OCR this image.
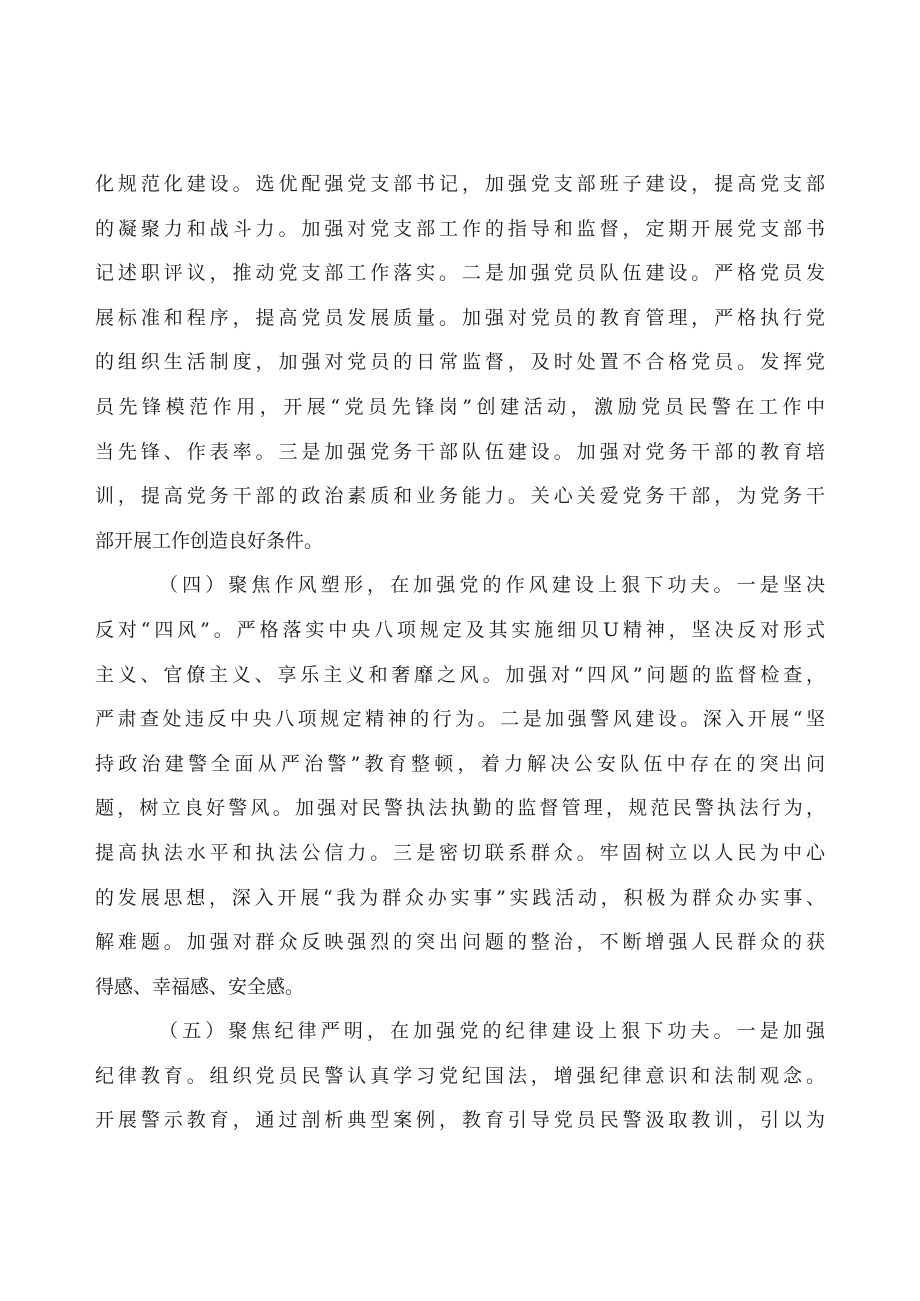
化规范化建设。选优配强党支部书记，加强党支部班子建设，提高党支部
的凝聚力和战斗力。加强对党支部工作的指导和监督，定期开展党支部书
记述职评议，推动党支部工作落实。二是加强党员队伍建设。严格党员发
展标准和程序，提高党员发展质量。加强对党员的教育管理，严格执行党
的组织生活制度，加强对党员的日常监督，及时处置不合格党员。发挥党
员先锋模范作用，开展“党员先锋岗”创建活动，激励党员民警在工作中
当先锋、作表率。三是加强党务干部队伍建设。加强对党务干部的教育培
训，提高党务干部的政治素质和业务能力。关心关爱党务干部，为党务干
部开展工作创造良好条件。
（四）聚焦作风塑形，在加强党的作风建设上狠下功夫。一是坚决
反对“四风”。严格落实中央八项规定及其实施细贝U精神，坚决反对形式
主义、官僚主义、享乐主义和奢靡之风。加强对“四风”问题的监督检查，
严肃查处违反中央八项规定精神的行为。二是加强警风建设。深入开展“坚
持政治建警全面从严治警”教育整顿，着力解决公安队伍中存在的突出问
题，树立良好警风。加强对民警执法执勤的监督管理，规范民警执法行为，
提高执法水平和执法公信力。三是密切联系群众。牢固树立以人民为中心
的发展思想，深入开展“我为群众办实事”实践活动，积极为群众办实事、
解难题。加强对群众反映强烈的突出问题的整治，不断增强人民群众的获
得感、幸福感、安全感。
（五）聚焦纪律严明，在加强党的纪律建设上狠下功夫。一是加强
纪律教育。组织党员民警认真学习党纪国法，增强纪律意识和法制观念。
开展警示教育，通过剖析典型案例，教育引导党员民警汲取教训，引以为
